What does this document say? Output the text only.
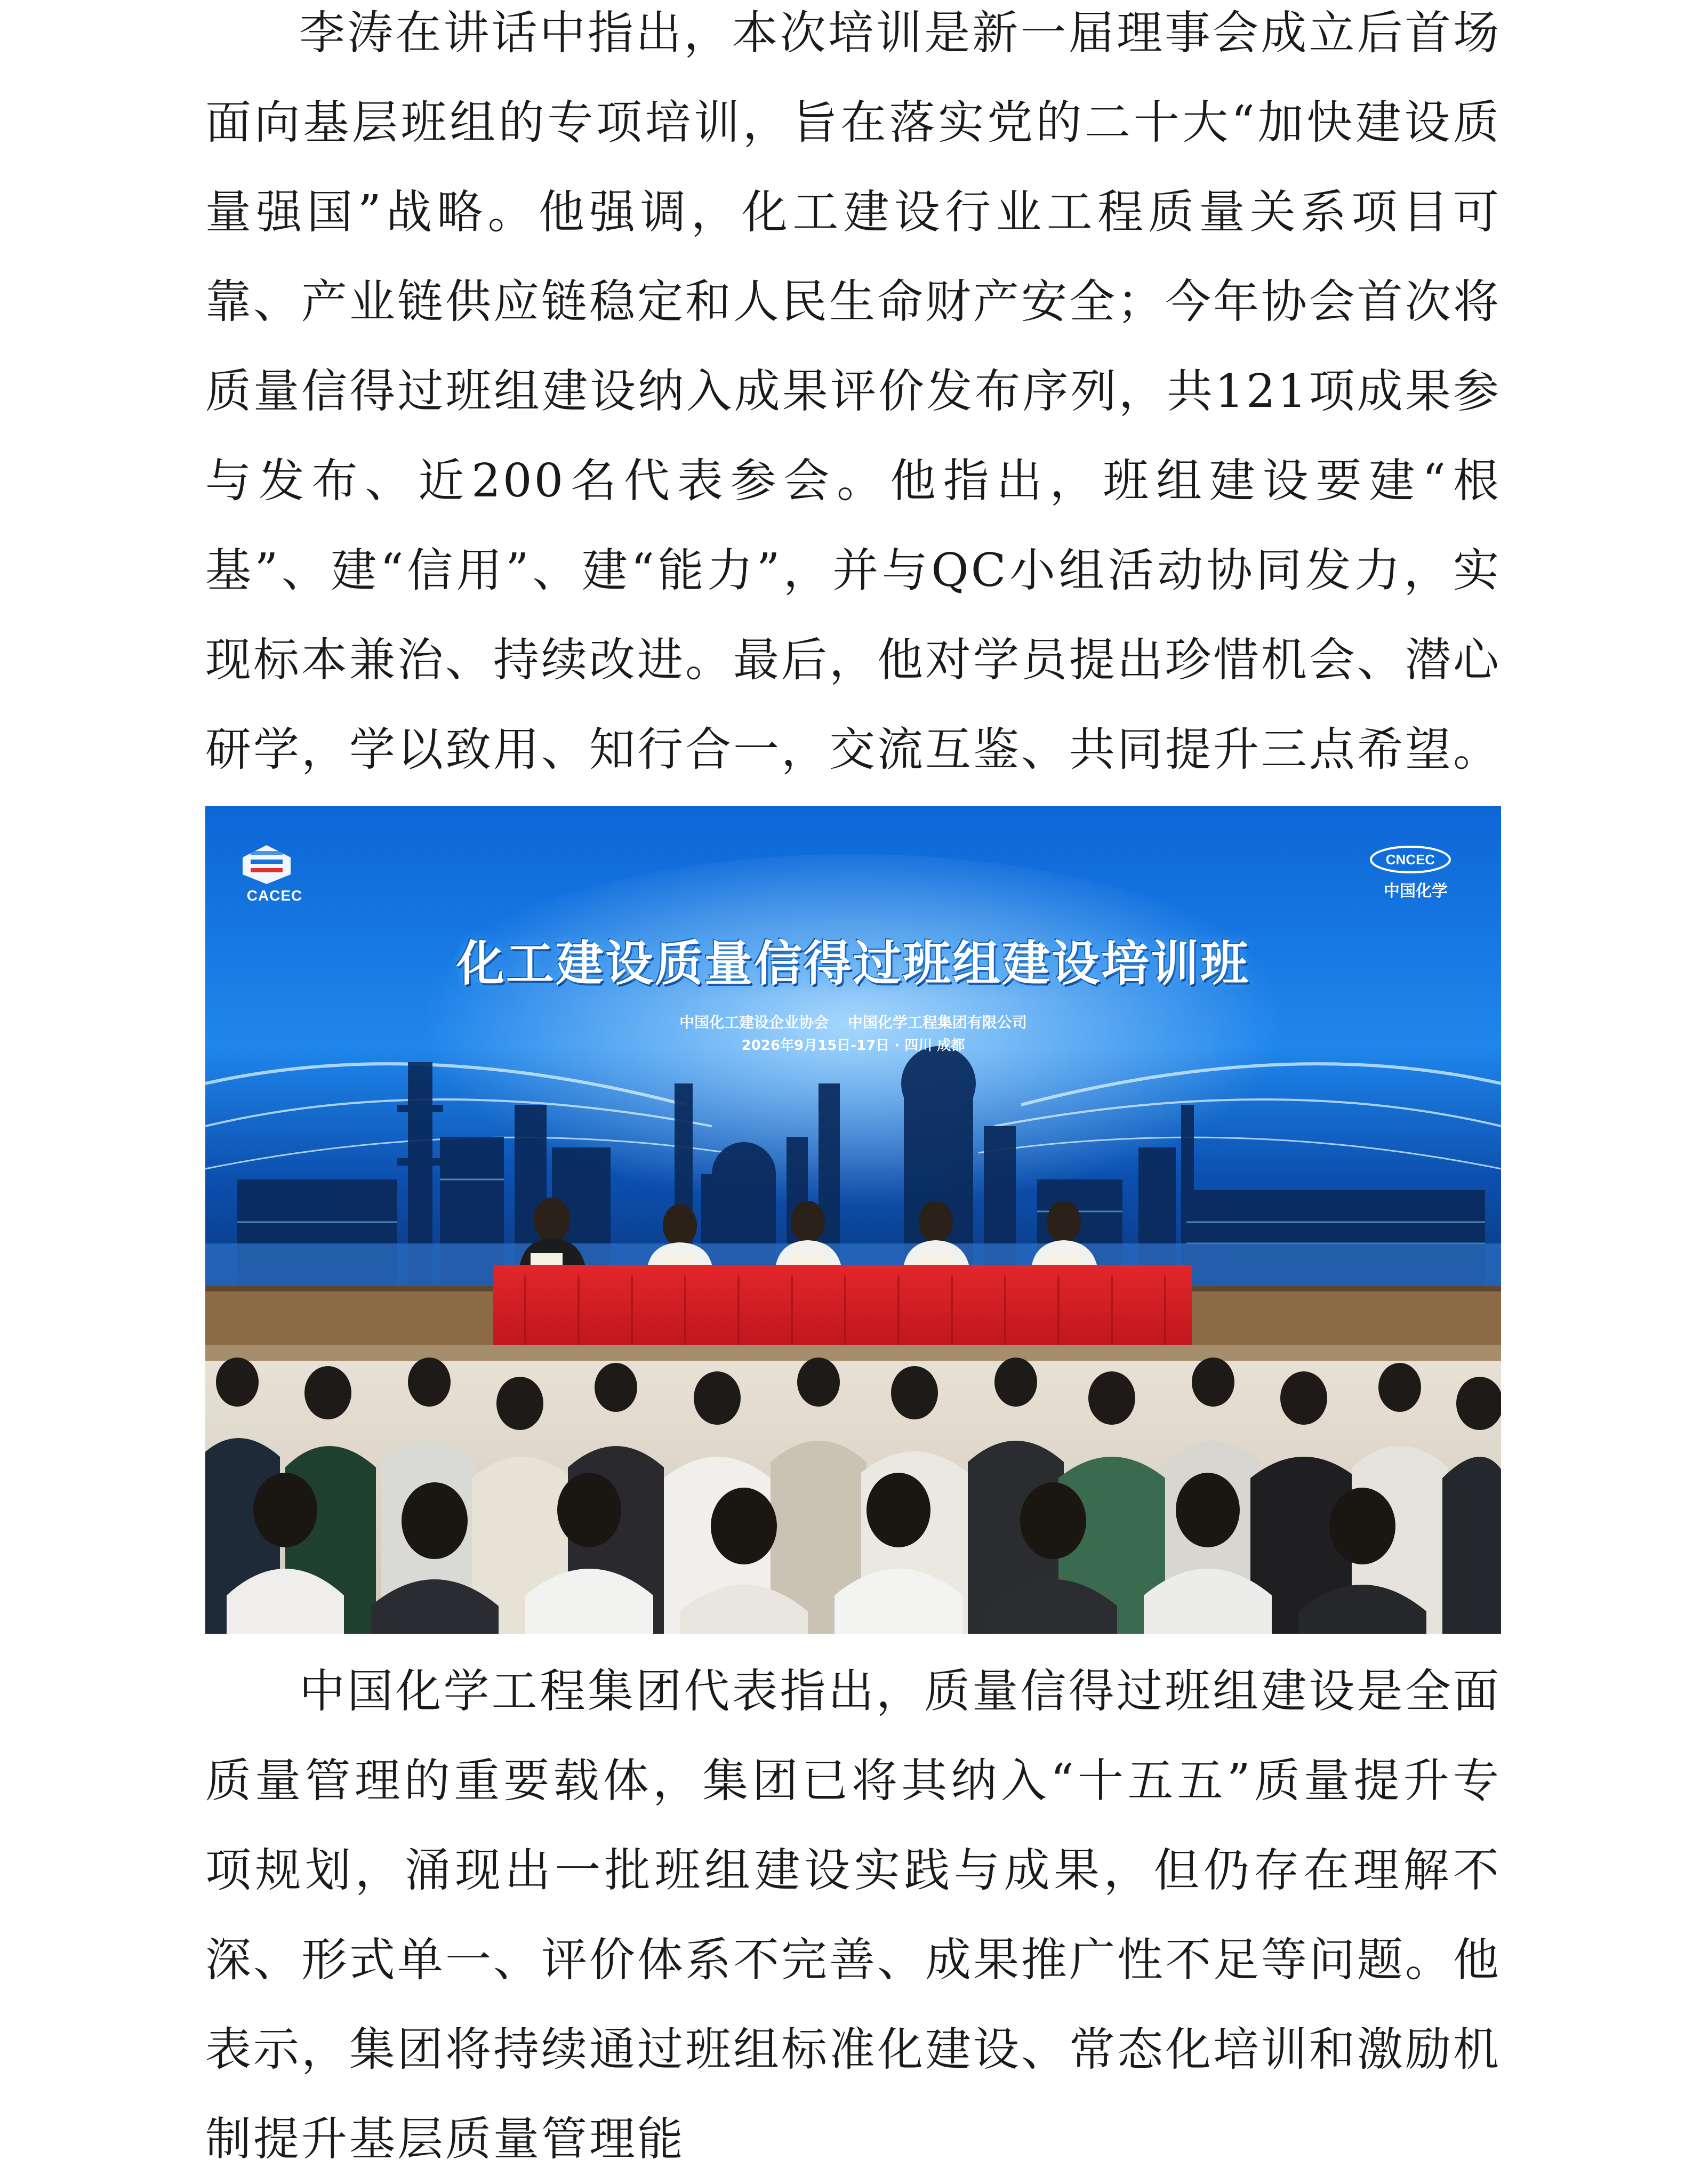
李涛在讲话中指出，本次培训是新一届理事会成立后首场面向基层班组的专项培训，旨在落实党的二十大“加快建设质量强国”战略。他强调，化工建设行业工程质量关系项目可靠、产业链供应链稳定和人民生命财产安全；今年协会首次将质量信得过班组建设纳入成果评价发布序列，共121项成果参与发布、近200名代表参会。他指出，班组建设要建“根基”、建“信用”、建“能力”，并与QC小组活动协同发力，实现标本兼治、持续改进。最后，他对学员提出珍惜机会、潜心研学，学以致用、知行合一，交流互鉴、共同提升三点希望。

CACEC
CNCEC
中国化学
化工建设质量信得过班组建设培训班
中国化工建设企业协会 中国化学工程集团有限公司
2026年9月15日-17日 · 四川 成都

中国化学工程集团代表指出，质量信得过班组建设是全面质量管理的重要载体，集团已将其纳入“十五五”质量提升专项规划，涌现出一批班组建设实践与成果，但仍存在理解不深、形式单一、评价体系不完善、成果推广性不足等问题。他表示，集团将持续通过班组标准化建设、常态化培训和激励机制提升基层质量管理能
